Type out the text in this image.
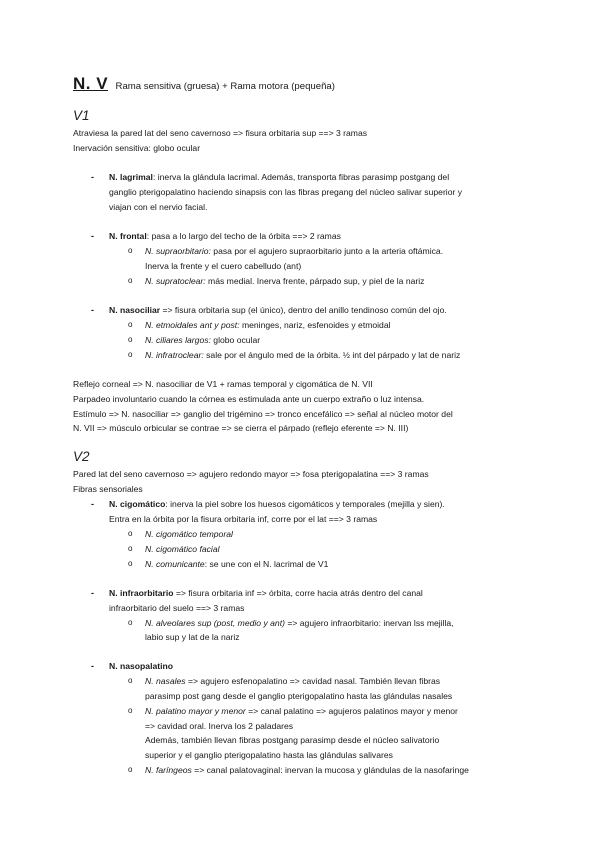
N. V Rama sensitiva (gruesa) + Rama motora (pequeña)
V1
Atraviesa la pared lat del seno cavernoso => fisura orbitaria sup ==> 3 ramas
Inervación sensitiva: globo ocular
- N. lagrimal: inerva la glándula lacrimal. Además, transporta fibras parasimp postgang del
ganglio pterigopalatino haciendo sinapsis con las fibras pregang del núcleo salivar superior y
viajan con el nervio facial.
- N. frontal: pasa a lo largo del techo de la órbita ==> 2 ramas
o N. supraorbitario: pasa por el agujero supraorbitario junto a la arteria oftámica.
Inerva la frente y el cuero cabelludo (ant)
o N. supratoclear: más medial. Inerva frente, párpado sup, y piel de la nariz
- N. nasociliar => fisura orbitaria sup (el único), dentro del anillo tendinoso común del ojo.
o N. etmoidales ant y post: meninges, nariz, esfenoides y etmoidal
o N. ciliares largos: globo ocular
o N. infratroclear: sale por el ángulo med de la órbita. ½ int del párpado y lat de nariz
Reflejo corneal => N. nasociliar de V1 + ramas temporal y cigomática de N. VII
Parpadeo involuntario cuando la córnea es estimulada ante un cuerpo extraño o luz intensa.
Estímulo => N. nasociliar => ganglio del trigémino => tronco encefálico => señal al núcleo motor del
N. VII => músculo orbicular se contrae => se cierra el párpado (reflejo eferente => N. III)
V2
Pared lat del seno cavernoso => agujero redondo mayor => fosa pterigopalatina ==> 3 ramas
Fibras sensoriales
- N. cigomático: inerva la piel sobre los huesos cigomáticos y temporales (mejilla y sien).
Entra en la órbita por la fisura orbitaria inf, corre por el lat ==> 3 ramas
o N. cigomático temporal
o N. cigomático facial
o N. comunicante: se une con el N. lacrimal de V1
- N. infraorbitario => fisura orbitaria inf => órbita, corre hacia atrás dentro del canal
infraorbitario del suelo ==> 3 ramas
o N. alveolares sup (post, medio y ant) => agujero infraorbitario: inervan lss mejilla,
labio sup y lat de la nariz
- N. nasopalatino
o N. nasales => agujero esfenopalatino => cavidad nasal. También llevan fibras
parasimp post gang desde el ganglio pterigopalatino hasta las glándulas nasales
o N. palatino mayor y menor => canal palatino => agujeros palatinos mayor y menor
=> cavidad oral. Inerva los 2 paladares
Además, también llevan fibras postgang parasimp desde el núcleo salivatorio
superior y el ganglio pterigopalatino hasta las glándulas salivares
o N. faríngeos => canal palatovaginal: inervan la mucosa y glándulas de la nasofaringe
